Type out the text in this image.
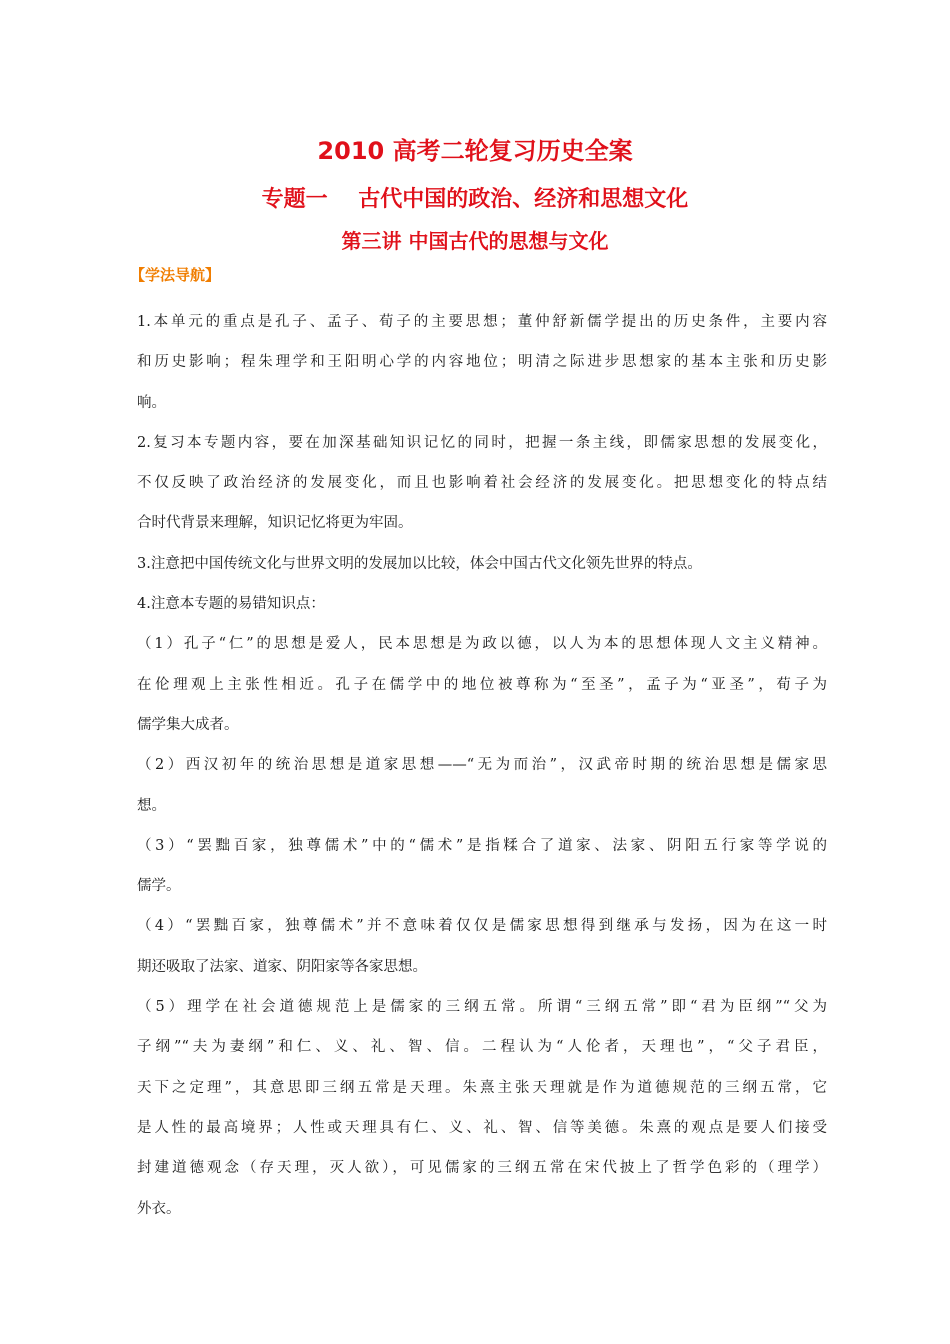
2010 高考二轮复习历史全案
专题一    古代中国的政治、经济和思想文化
第三讲 中国古代的思想与文化
【学法导航】
1.本单元的重点是孔子、孟子、荀子的主要思想；董仲舒新儒学提出的历史条件，主要内容
和历史影响；程朱理学和王阳明心学的内容地位；明清之际进步思想家的基本主张和历史影
响。
2.复习本专题内容，要在加深基础知识记忆的同时，把握一条主线，即儒家思想的发展变化，
不仅反映了政治经济的发展变化，而且也影响着社会经济的发展变化。把思想变化的特点结
合时代背景来理解，知识记忆将更为牢固。
3.注意把中国传统文化与世界文明的发展加以比较，体会中国古代文化领先世界的特点。
4.注意本专题的易错知识点：
（1）孔子“仁”的思想是爱人，民本思想是为政以德，以人为本的思想体现人文主义精神。
在伦理观上主张性相近。孔子在儒学中的地位被尊称为“至圣”，孟子为“亚圣”，荀子为
儒学集大成者。
（2）西汉初年的统治思想是道家思想——“无为而治”，汉武帝时期的统治思想是儒家思
想。
（3）“罢黜百家，独尊儒术”中的“儒术”是指糅合了道家、法家、阴阳五行家等学说的
儒学。
（4）“罢黜百家，独尊儒术”并不意味着仅仅是儒家思想得到继承与发扬，因为在这一时
期还吸取了法家、道家、阴阳家等各家思想。
（5）理学在社会道德规范上是儒家的三纲五常。所谓“三纲五常”即“君为臣纲”“父为
子纲”“夫为妻纲”和仁、义、礼、智、信。二程认为“人伦者，天理也”，“父子君臣，
天下之定理”，其意思即三纲五常是天理。朱熹主张天理就是作为道德规范的三纲五常，它
是人性的最高境界；人性或天理具有仁、义、礼、智、信等美德。朱熹的观点是要人们接受
封建道德观念（存天理，灭人欲），可见儒家的三纲五常在宋代披上了哲学色彩的（理学）
外衣。
